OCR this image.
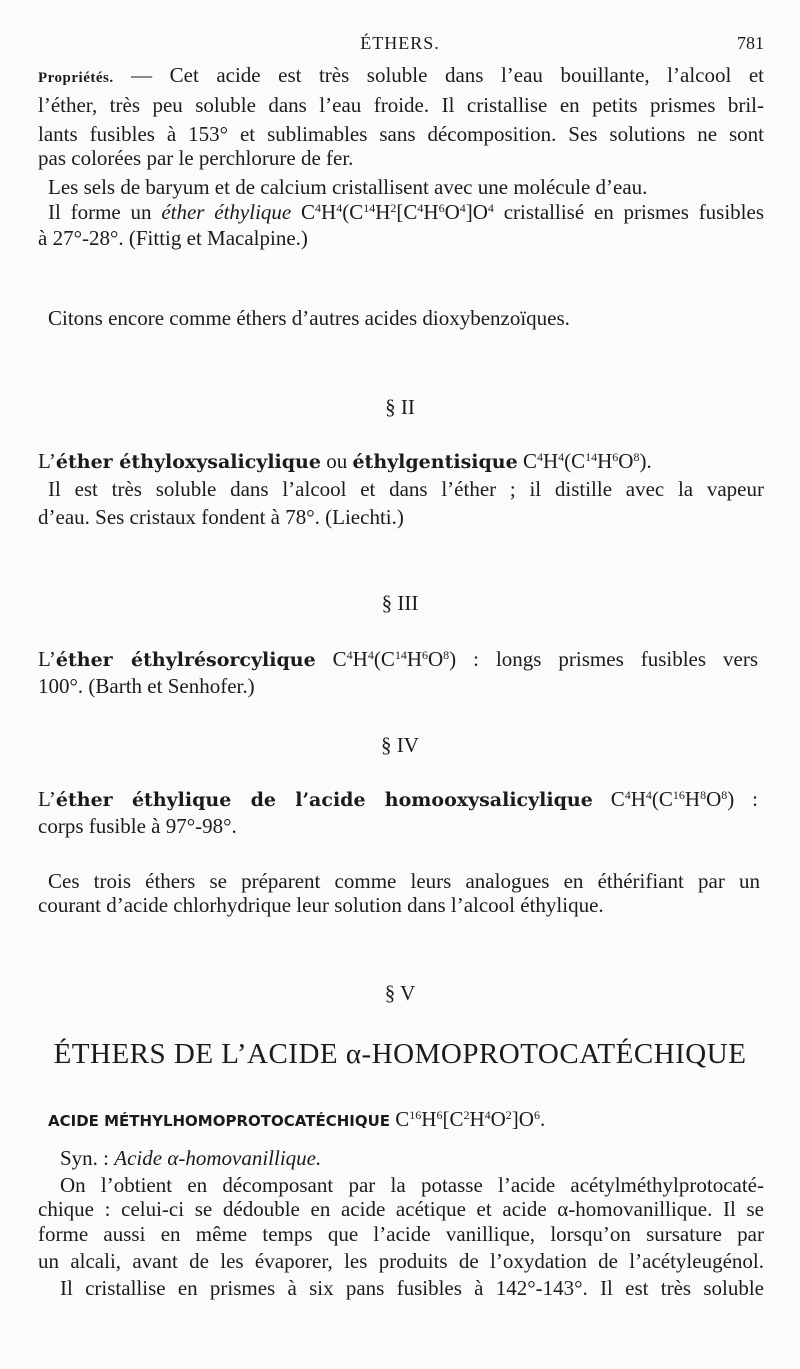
ÉTHERS.	781
Propriétés. — Cet acide est très soluble dans l’eau bouillante, l’alcool et
l’éther, très peu soluble dans l’eau froide. Il cristallise en petits prismes bril-
lants fusibles à 153° et sublimables sans décomposition. Ses solutions ne sont
pas colorées par le perchlorure de fer.
Les sels de baryum et de calcium cristallisent avec une molécule d’eau.
Il forme un éther éthylique $C^4H^4(C^{14}H^2[C^4H^6O^4]O^4$ cristallisé en prismes fusibles
à 27°-28°. (Fittig et Macalpine.)
Citons encore comme éthers d’autres acides dioxybenzoïques.
§ II
L’éther éthyloxysalicylique ou éthylgentisique $C^4H^4(C^{14}H^6O^8)$.
Il est très soluble dans l’alcool et dans l’éther ; il distille avec la vapeur
d’eau. Ses cristaux fondent à 78°. (Liechti.)
§ III
L’éther éthylrésorcylique $C^4H^4(C^{14}H^6O^8)$ : longs prismes fusibles vers
100°. (Barth et Senhofer.)
§ IV
L’éther éthylique de l’acide homooxysalicylique $C^4H^4(C^{16}H^8O^8)$ :
corps fusible à 97°-98°.
Ces trois éthers se préparent comme leurs analogues en éthérifiant par un
courant d’acide chlorhydrique leur solution dans l’alcool éthylique.
§ V
ÉTHERS DE L’ACIDE α-HOMOPROTOCATÉCHIQUE
ACIDE MÉTHYLHOMOPROTOCATÉCHIQUE $C^{16}H^6[C^2H^4O^2]O^6$.
Syn. : Acide α-homovanillique.
On l’obtient en décomposant par la potasse l’acide acétylméthylprotocaté-
chique : celui-ci se dédouble en acide acétique et acide α-homovanillique. Il se
forme aussi en même temps que l’acide vanillique, lorsqu’on sursature par
un alcali, avant de les évaporer, les produits de l’oxydation de l’acétyleugénol.
Il cristallise en prismes à six pans fusibles à 142°-143°. Il est très soluble
